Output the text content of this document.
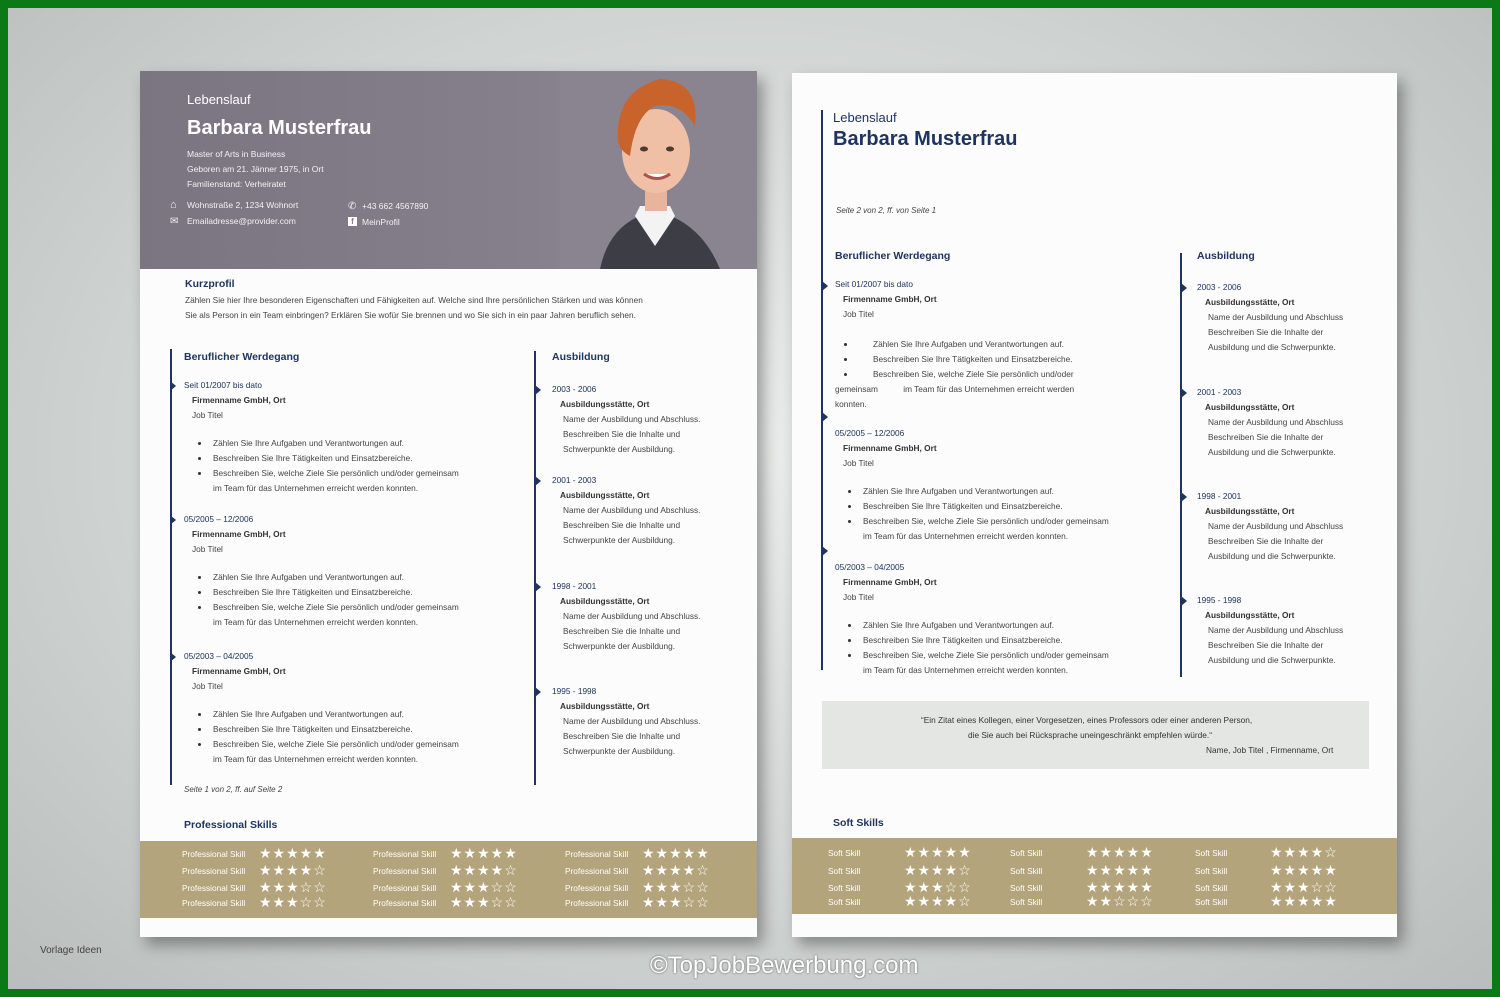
Lebenslauf
Barbara Musterfrau
Master of Arts in Business
Geboren am 21. Jänner 1975, in Ort
Familienstand: Verheiratet
⌂ Wohnstraße 2, 1234 Wohnort
✉ Emailadresse@provider.com
✆ +43 662 4567890
f MeinProfil
Kurzprofil
Zählen Sie hier Ihre besonderen Eigenschaften und Fähigkeiten auf. Welche sind Ihre persönlichen Stärken und was können
Sie als Person in ein Team einbringen? Erklären Sie wofür Sie brennen und wo Sie sich in ein paar Jahren beruflich sehen.
Beruflicher Werdegang
Seit 01/2007 bis dato
Firmenname GmbH, Ort
Job Titel
Zählen Sie Ihre Aufgaben und Verantwortungen auf.
Beschreiben Sie Ihre Tätigkeiten und Einsatzbereiche.
Beschreiben Sie, welche Ziele Sie persönlich und/oder gemeinsam
im Team für das Unternehmen erreicht werden konnten.
05/2005 – 12/2006
Firmenname GmbH, Ort
Job Titel
Zählen Sie Ihre Aufgaben und Verantwortungen auf.
Beschreiben Sie Ihre Tätigkeiten und Einsatzbereiche.
Beschreiben Sie, welche Ziele Sie persönlich und/oder gemeinsam
im Team für das Unternehmen erreicht werden konnten.
05/2003 – 04/2005
Firmenname GmbH, Ort
Job Titel
Zählen Sie Ihre Aufgaben und Verantwortungen auf.
Beschreiben Sie Ihre Tätigkeiten und Einsatzbereiche.
Beschreiben Sie, welche Ziele Sie persönlich und/oder gemeinsam
im Team für das Unternehmen erreicht werden konnten.
Ausbildung
2003 - 2006
Ausbildungsstätte, Ort
Name der Ausbildung und Abschluss.
Beschreiben Sie die Inhalte und
Schwerpunkte der Ausbildung.
2001 - 2003
Ausbildungsstätte, Ort
Name der Ausbildung und Abschluss.
Beschreiben Sie die Inhalte und
Schwerpunkte der Ausbildung.
1998 - 2001
Ausbildungsstätte, Ort
Name der Ausbildung und Abschluss.
Beschreiben Sie die Inhalte und
Schwerpunkte der Ausbildung.
1995 - 1998
Ausbildungsstätte, Ort
Name der Ausbildung und Abschluss.
Beschreiben Sie die Inhalte und
Schwerpunkte der Ausbildung.
Seite 1 von 2, ff. auf Seite 2
Professional Skills
Professional Skill ★★★★★	Professional Skill ★★★★★	Professional Skill ★★★★★
Professional Skill ★★★★☆	Professional Skill ★★★★☆	Professional Skill ★★★★☆
Professional Skill ★★★☆☆	Professional Skill ★★★☆☆	Professional Skill ★★★☆☆
Professional Skill ★★★☆☆	Professional Skill ★★★☆☆	Professional Skill ★★★☆☆
Lebenslauf
Barbara Musterfrau
Seite 2 von 2, ff. von Seite 1
Beruflicher Werdegang
Seit 01/2007 bis dato
Firmenname GmbH, Ort
Job Titel
Zählen Sie Ihre Aufgaben und Verantwortungen auf.
Beschreiben Sie Ihre Tätigkeiten und Einsatzbereiche.
Beschreiben Sie, welche Ziele Sie persönlich und/oder
gemeinsam           im Team für das Unternehmen erreicht werden
konnten.
05/2005 – 12/2006
Firmenname GmbH, Ort
Job Titel
Zählen Sie Ihre Aufgaben und Verantwortungen auf.
Beschreiben Sie Ihre Tätigkeiten und Einsatzbereiche.
Beschreiben Sie, welche Ziele Sie persönlich und/oder gemeinsam
im Team für das Unternehmen erreicht werden konnten.
05/2003 – 04/2005
Firmenname GmbH, Ort
Job Titel
Zählen Sie Ihre Aufgaben und Verantwortungen auf.
Beschreiben Sie Ihre Tätigkeiten und Einsatzbereiche.
Beschreiben Sie, welche Ziele Sie persönlich und/oder gemeinsam
im Team für das Unternehmen erreicht werden konnten.
Ausbildung
2003 - 2006
Ausbildungsstätte, Ort
Name der Ausbildung und Abschluss
Beschreiben Sie die Inhalte der
Ausbildung und die Schwerpunkte.
2001 - 2003
Ausbildungsstätte, Ort
Name der Ausbildung und Abschluss
Beschreiben Sie die Inhalte der
Ausbildung und die Schwerpunkte.
1998 - 2001
Ausbildungsstätte, Ort
Name der Ausbildung und Abschluss
Beschreiben Sie die Inhalte der
Ausbildung und die Schwerpunkte.
1995 - 1998
Ausbildungsstätte, Ort
Name der Ausbildung und Abschluss
Beschreiben Sie die Inhalte der
Ausbildung und die Schwerpunkte.
“Ein Zitat eines Kollegen, einer Vorgesetzen, eines Professors oder einer anderen Person,
die Sie auch bei Rücksprache uneingeschränkt empfehlen würde.“
Name, Job Titel , Firmenname, Ort
Soft Skills
Soft Skill	★★★★★	Soft Skill	★★★★★	Soft Skill	★★★★☆
Soft Skill	★★★★☆	Soft Skill	★★★★★	Soft Skill	★★★★★
Soft Skill	★★★☆☆	Soft Skill	★★★★★	Soft Skill	★★★☆☆
Soft Skill	★★★★☆	Soft Skill	★★☆☆☆	Soft Skill	★★★★★
Vorlage Ideen
©TopJobBewerbung.com
